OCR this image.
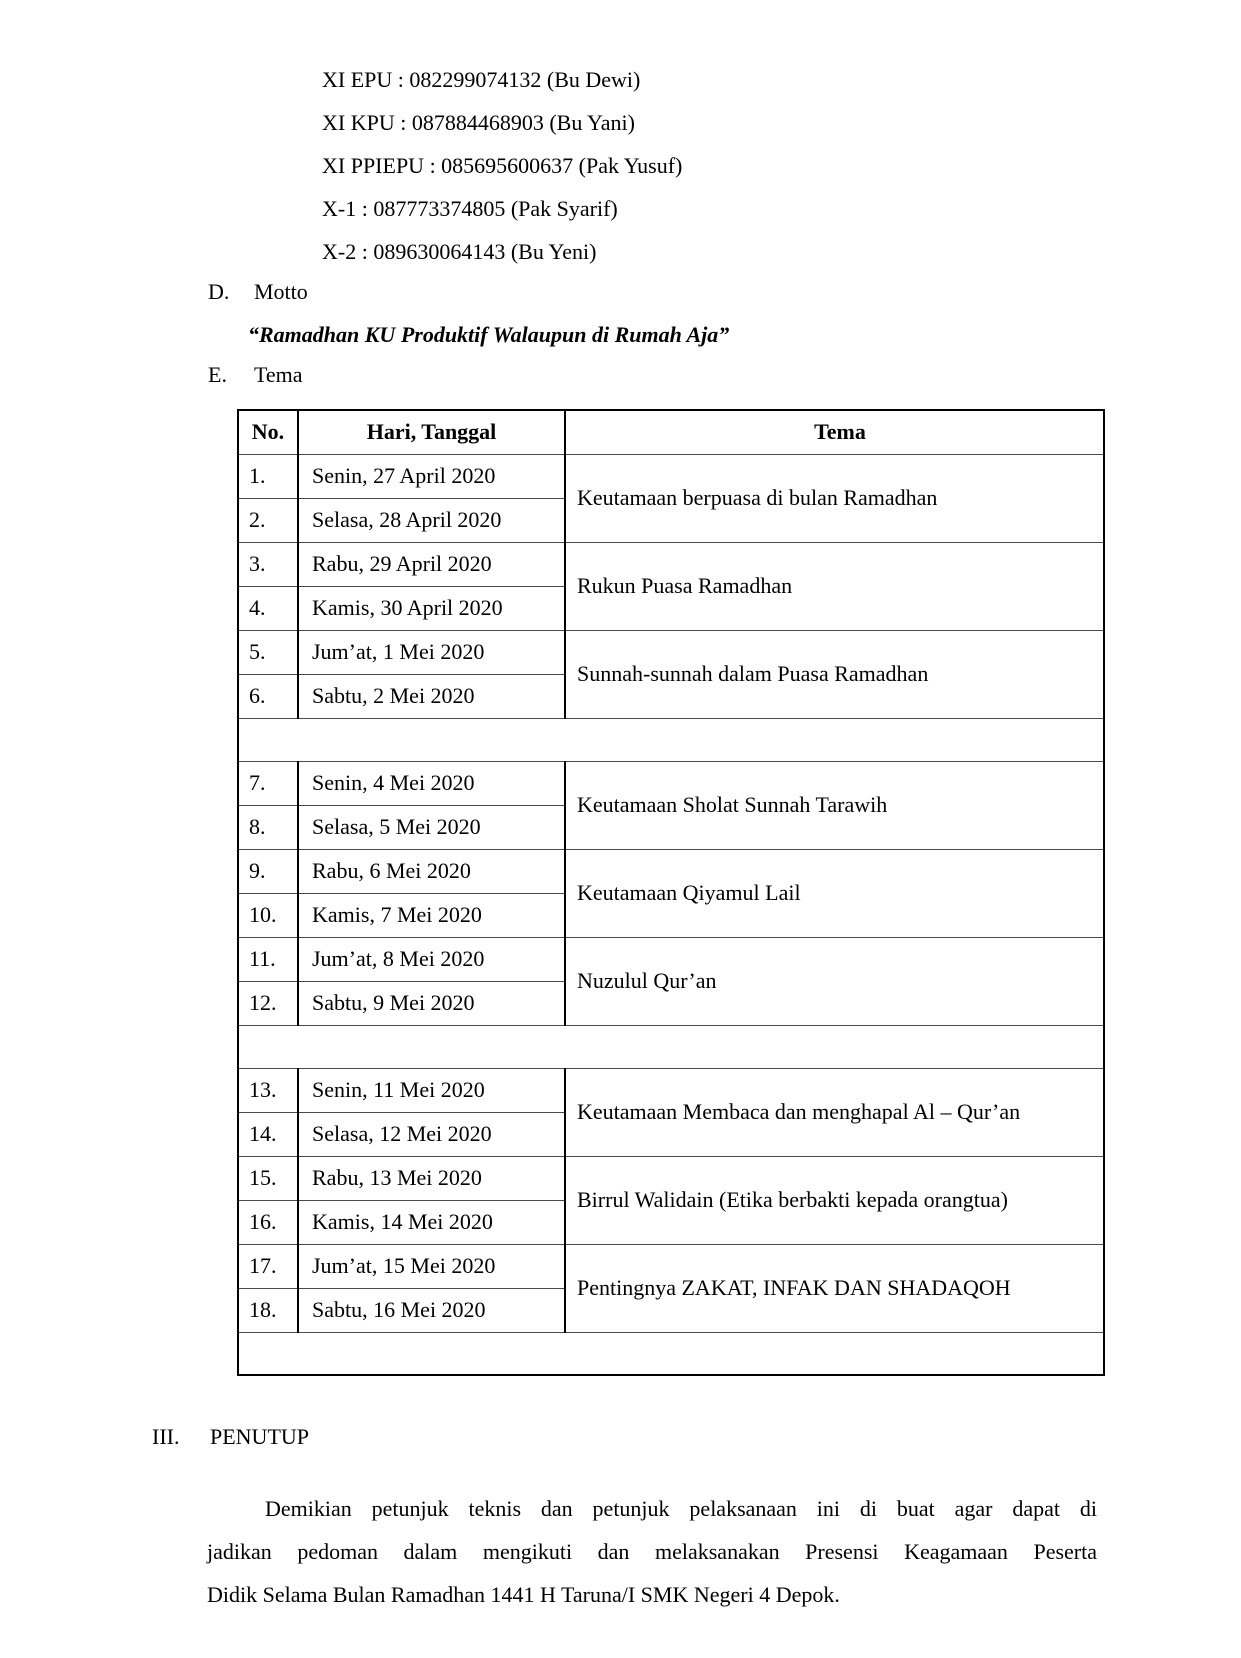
XI EPU : 082299074132 (Bu Dewi)
XI KPU : 087884468903 (Bu Yani)
XI PPIEPU : 085695600637 (Pak Yusuf)
X-1 : 087773374805 (Pak Syarif)
X-2 : 089630064143 (Bu Yeni)
D. Motto
“Ramadhan KU Produktif Walaupun di Rumah Aja”
E. Tema
No.	Hari, Tanggal	Tema
1.	Senin, 27 April 2020	Keutamaan berpuasa di bulan Ramadhan
2.	Selasa, 28 April 2020	
3.	Rabu, 29 April 2020	Rukun Puasa Ramadhan
4.	Kamis, 30 April 2020	
5.	Jum’at, 1 Mei 2020	Sunnah-sunnah dalam Puasa Ramadhan
6.	Sabtu, 2 Mei 2020	

7.	Senin, 4 Mei 2020	Keutamaan Sholat Sunnah Tarawih
8.	Selasa, 5 Mei 2020	
9.	Rabu, 6 Mei 2020	Keutamaan Qiyamul Lail
10.	Kamis, 7 Mei 2020	
11.	Jum’at, 8 Mei 2020	Nuzulul Qur’an
12.	Sabtu, 9 Mei 2020	

13.	Senin, 11 Mei 2020	Keutamaan Membaca dan menghapal Al – Qur’an
14.	Selasa, 12 Mei 2020	
15.	Rabu, 13 Mei 2020	Birrul Walidain (Etika berbakti kepada orangtua)
16.	Kamis, 14 Mei 2020	
17.	Jum’at, 15 Mei 2020	Pentingnya ZAKAT, INFAK DAN SHADAQOH
18.	Sabtu, 16 Mei 2020	

III. PENUTUP
Demikian petunjuk teknis dan petunjuk pelaksanaan ini di buat agar dapat di
jadikan pedoman dalam mengikuti dan melaksanakan Presensi Keagamaan Peserta
Didik Selama Bulan Ramadhan 1441 H Taruna/I SMK Negeri 4 Depok.
